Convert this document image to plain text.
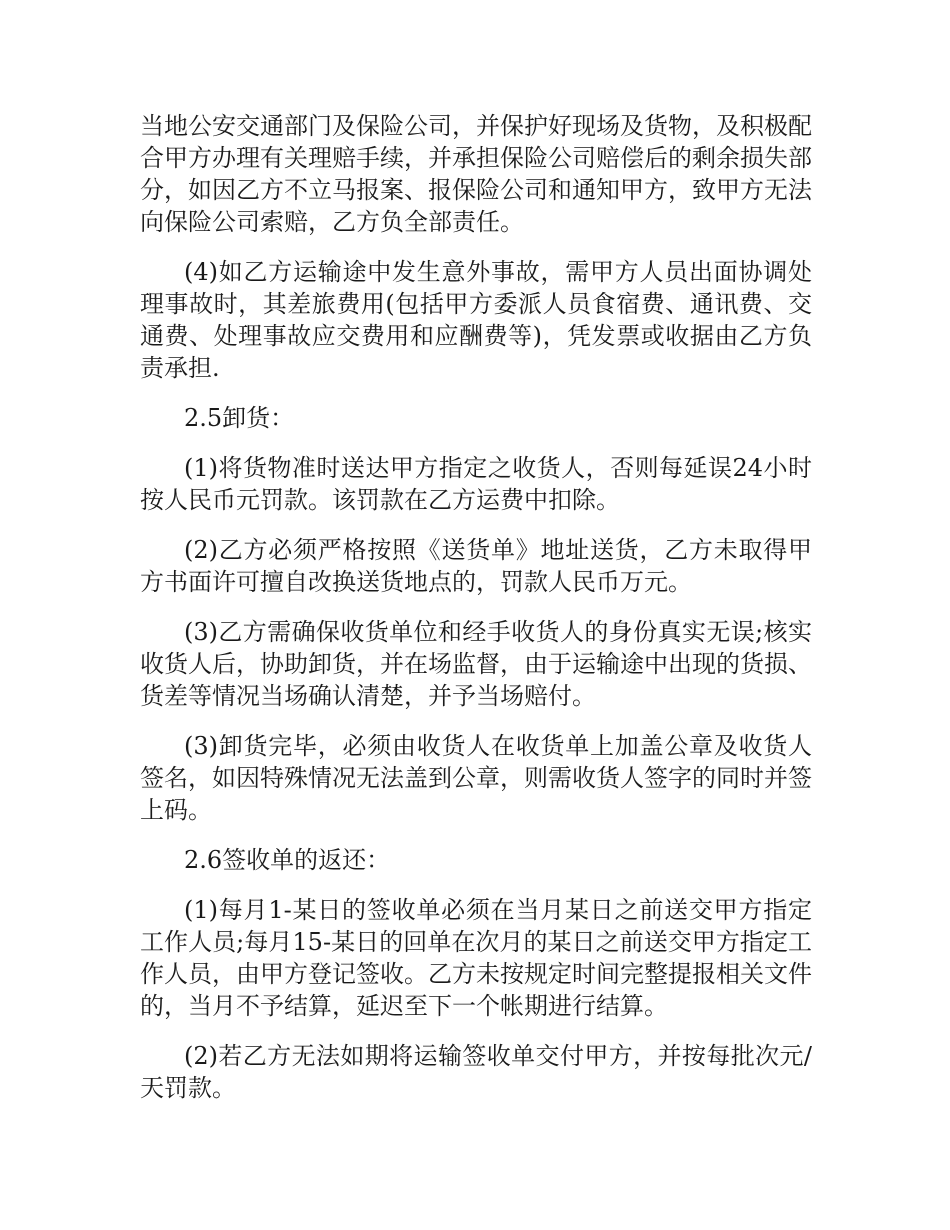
当地公安交通部门及保险公司，并保护好现场及货物，及积极配合甲方办理有关理赔手续，并承担保险公司赔偿后的剩余损失部分，如因乙方不立马报案、报保险公司和通知甲方，致甲方无法向保险公司索赔，乙方负全部责任。

(4)如乙方运输途中发生意外事故，需甲方人员出面协调处理事故时，其差旅费用(包括甲方委派人员食宿费、通讯费、交通费、处理事故应交费用和应酬费等)，凭发票或收据由乙方负责承担.

2.5卸货：

(1)将货物准时送达甲方指定之收货人，否则每延误24小时按人民币元罚款。该罚款在乙方运费中扣除。

(2)乙方必须严格按照《送货单》地址送货，乙方未取得甲方书面许可擅自改换送货地点的，罚款人民币万元。

(3)乙方需确保收货单位和经手收货人的身份真实无误;核实收货人后，协助卸货，并在场监督，由于运输途中出现的货损、货差等情况当场确认清楚，并予当场赔付。

(3)卸货完毕，必须由收货人在收货单上加盖公章及收货人签名，如因特殊情况无法盖到公章，则需收货人签字的同时并签上码。

2.6签收单的返还：

(1)每月1-某日的签收单必须在当月某日之前送交甲方指定工作人员;每月15-某日的回单在次月的某日之前送交甲方指定工作人员，由甲方登记签收。乙方未按规定时间完整提报相关文件的，当月不予结算，延迟至下一个帐期进行结算。

(2)若乙方无法如期将运输签收单交付甲方，并按每批次元/天罚款。
